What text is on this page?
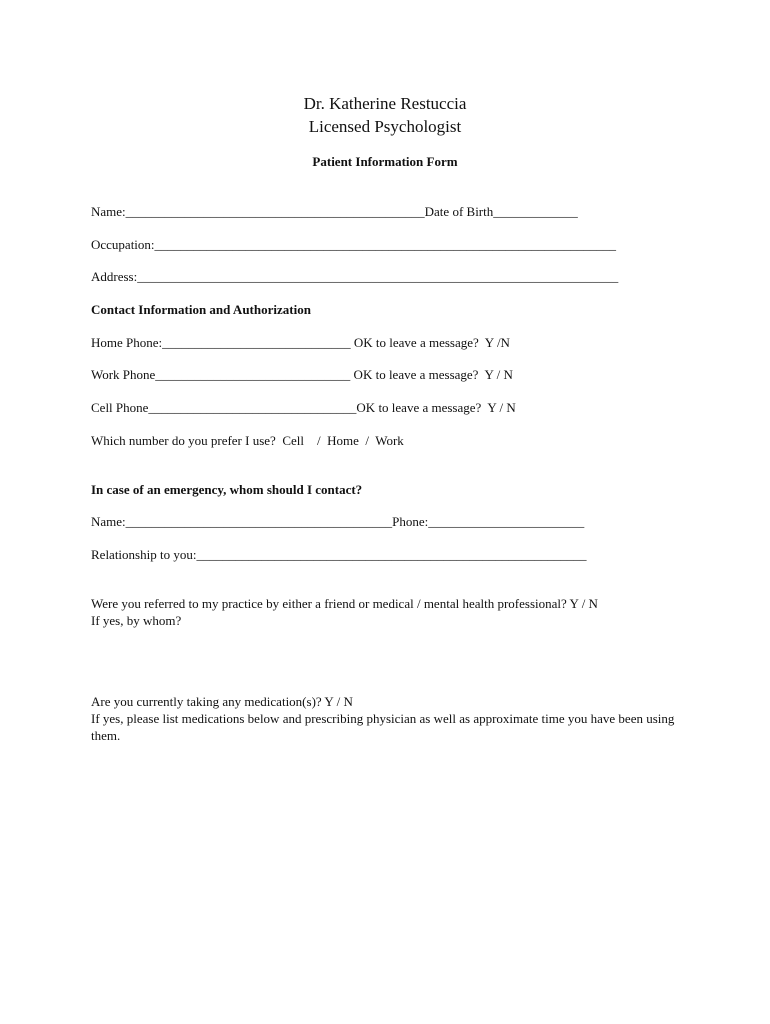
Dr. Katherine Restuccia
Licensed Psychologist
Patient Information Form
Name:______________________________________________Date of Birth_____________
Occupation:_______________________________________________________________________
Address:__________________________________________________________________________
Contact Information and Authorization
Home Phone:_____________________________ OK to leave a message?  Y /N
Work Phone______________________________ OK to leave a message?  Y / N
Cell Phone________________________________OK to leave a message?  Y / N
Which number do you prefer I use?  Cell    /  Home  /  Work
In case of an emergency, whom should I contact?
Name:_________________________________________Phone:________________________
Relationship to you:____________________________________________________________
Were you referred to my practice by either a friend or medical / mental health professional? Y / N
If yes, by whom?
Are you currently taking any medication(s)? Y / N
If yes, please list medications below and prescribing physician as well as approximate time you have been using them.
